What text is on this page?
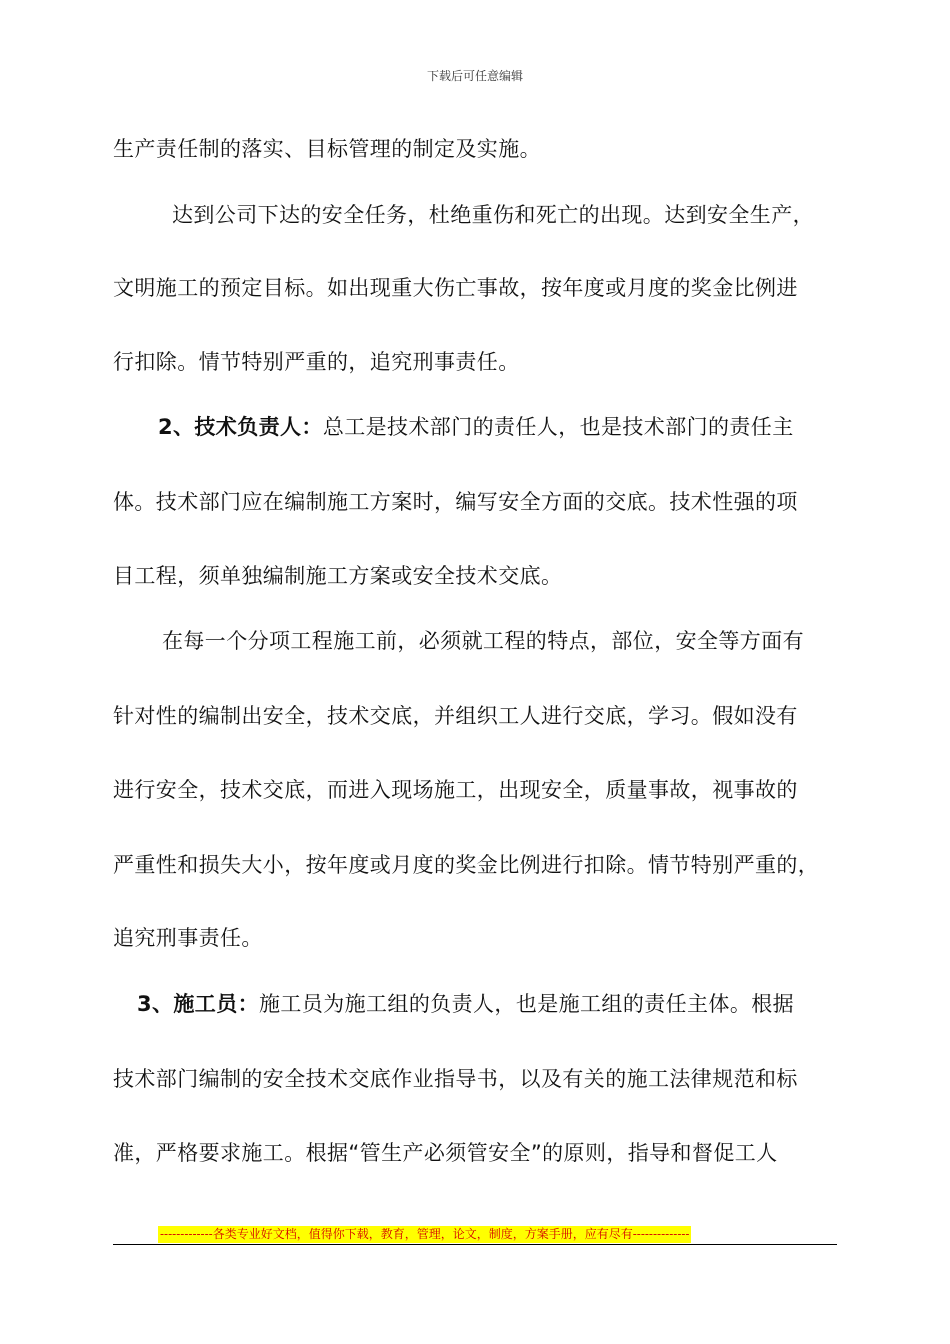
下载后可任意编辑
生产责任制的落实、目标管理的制定及实施。
达到公司下达的安全任务，杜绝重伤和死亡的出现。达到安全生产，
文明施工的预定目标。如出现重大伤亡事故，按年度或月度的奖金比例进
行扣除。情节特别严重的，追究刑事责任。
2、技术负责人：总工是技术部门的责任人，也是技术部门的责任主
体。技术部门应在编制施工方案时，编写安全方面的交底。技术性强的项
目工程，须单独编制施工方案或安全技术交底。
在每一个分项工程施工前，必须就工程的特点，部位，安全等方面有
针对性的编制出安全，技术交底，并组织工人进行交底，学习。假如没有
进行安全，技术交底，而进入现场施工，出现安全，质量事故，视事故的
严重性和损失大小，按年度或月度的奖金比例进行扣除。情节特别严重的，
追究刑事责任。
3、施工员：施工员为施工组的负责人，也是施工组的责任主体。根据
技术部门编制的安全技术交底作业指导书，以及有关的施工法律规范和标
准，严格要求施工。根据“管生产必须管安全”的原则，指导和督促工人
-------------各类专业好文档，值得你下载，教育，管理，论文，制度，方案手册，应有尽有--------------
